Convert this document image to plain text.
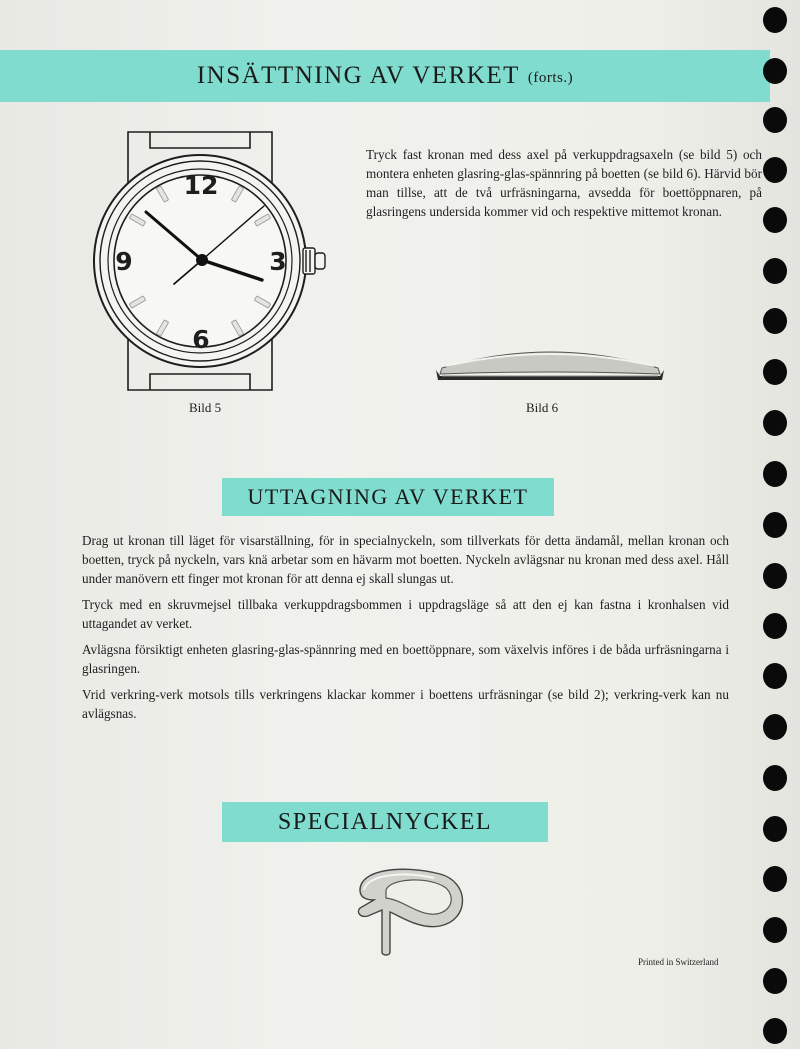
INSÄTTNING AV VERKET (forts.)
12
3
6
9
Bild 5

Tryck fast kronan med dess axel på verkuppdragsaxeln (se bild 5) och montera enheten glasring-glas-spännring på boetten (se bild 6). Härvid bör man tillse, att de två urfräsningarna, avsedda för boettöppnaren, på glasringens undersida kommer vid och respektive mittemot kronan.

Bild 6
UTTAGNING AV VERKET

Drag ut kronan till läget för visarställning, för in specialnyckeln, som tillverkats för detta ändamål, mellan kronan och boetten, tryck på nyckeln, vars knä arbetar som en hävarm mot boetten. Nyckeln avlägsnar nu kronan med dess axel. Håll under manövern ett finger mot kronan för att denna ej skall slungas ut.

Tryck med en skruvmejsel tillbaka verkuppdragsbommen i uppdragsläge så att den ej kan fastna i kronhalsen vid uttagandet av verket.

Avlägsna försiktigt enheten glasring-glas-spännring med en boettöppnare, som växelvis införes i de båda urfräsningarna i glasringen.

Vrid verkring-verk motsols tills verkringens klackar kommer i boettens urfräsningar (se bild 2); verkring-verk kan nu avlägsnas.

SPECIALNYCKEL
Printed in Switzerland
